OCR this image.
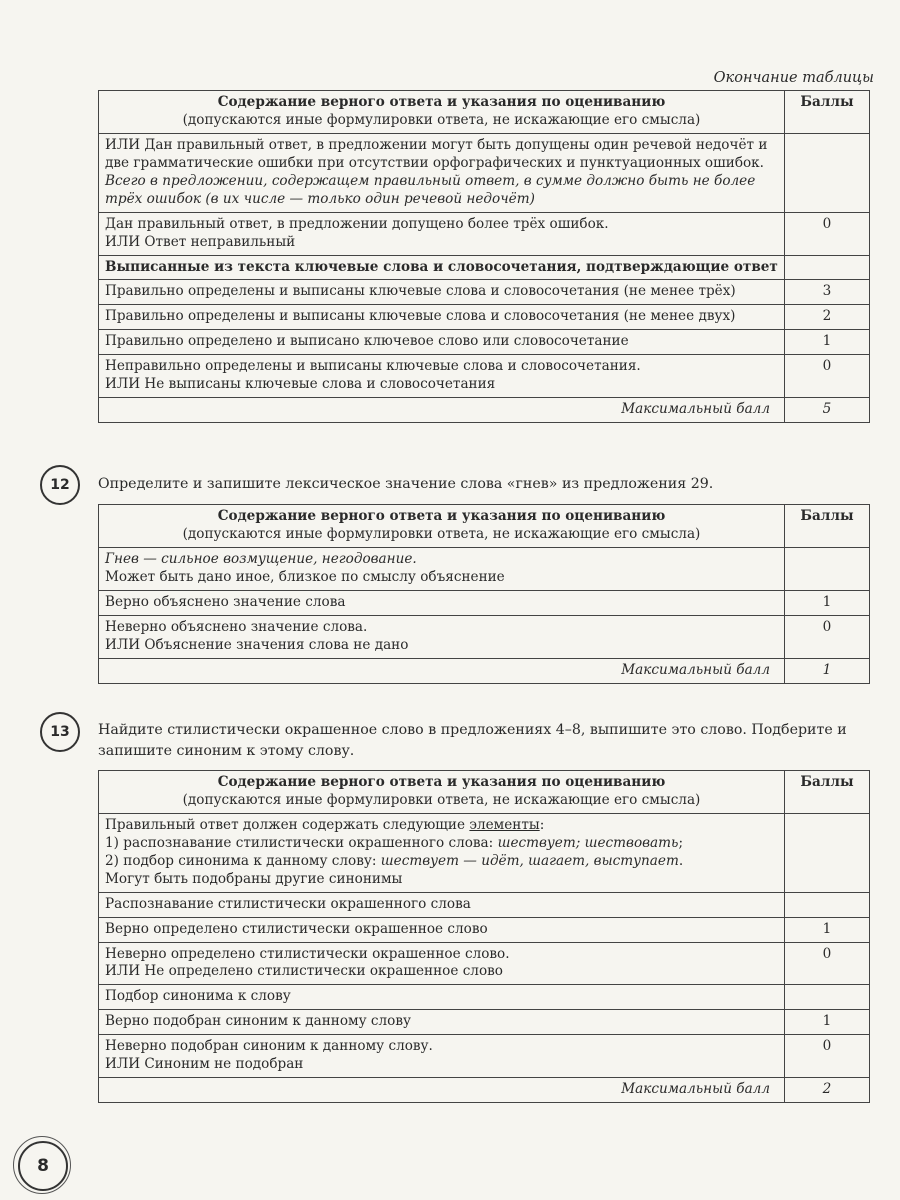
Окончание таблицы
Содержание верного ответа и указания по оцениванию
(допускаются иные формулировки ответа, не искажающие его смысла)	Баллы

ИЛИ Дан правильный ответ, в предложении могут быть допущены один речевой недочёт и две грамматические ошибки при отсутствии орфографических и пунктуационных ошибок.
Всего в предложении, содержащем правильный ответ, в сумме должно быть не более трёх ошибок (в их числе — только один речевой недочёт)	

Дан правильный ответ, в предложении допущено более трёх ошибок.
ИЛИ Ответ неправильный	0
Выписанные из текста ключевые слова и словосочетания, подтверждающие ответ	
Правильно определены и выписаны ключевые слова и словосочетания (не менее трёх)	3
Правильно определены и выписаны ключевые слова и словосочетания (не менее двух)	2
Правильно определено и выписано ключевое слово или словосочетание	1

Неправильно определены и выписаны ключевые слова и словосочетания.
ИЛИ Не выписаны ключевые слова и словосочетания	0
Максимальный балл	5
12	Определите и запишите лексическое значение слова «гнев» из предложения 29.
Содержание верного ответа и указания по оцениванию
(допускаются иные формулировки ответа, не искажающие его смысла)	Баллы

Гнев — сильное возмущение, негодование.
Может быть дано иное, близкое по смыслу объяснение	

Верно объяснено значение слова	1

Неверно объяснено значение слова.
ИЛИ Объяснение значения слова не дано	0
Максимальный балл	1
13	Найдите стилистически окрашенное слово в предложениях 4–8, выпишите это слово. Подберите и запишите синоним к этому слову.
Содержание верного ответа и указания по оцениванию
(допускаются иные формулировки ответа, не искажающие его смысла)	Баллы

Правильный ответ должен содержать следующие элементы:
1) распознавание стилистически окрашенного слова: шествует; шествовать;
2) подбор синонима к данному слову: шествует — идёт, шагает, выступает.
Могут быть подобраны другие синонимы	

Распознавание стилистически окрашенного слова	
Верно определено стилистически окрашенное слово	1

Неверно определено стилистически окрашенное слово.
ИЛИ Не определено стилистически окрашенное слово	0
Подбор синонима к слову	
Верно подобран синоним к данному слову	1

Неверно подобран синоним к данному слову.
ИЛИ Синоним не подобран	0
Максимальный балл	2
8
